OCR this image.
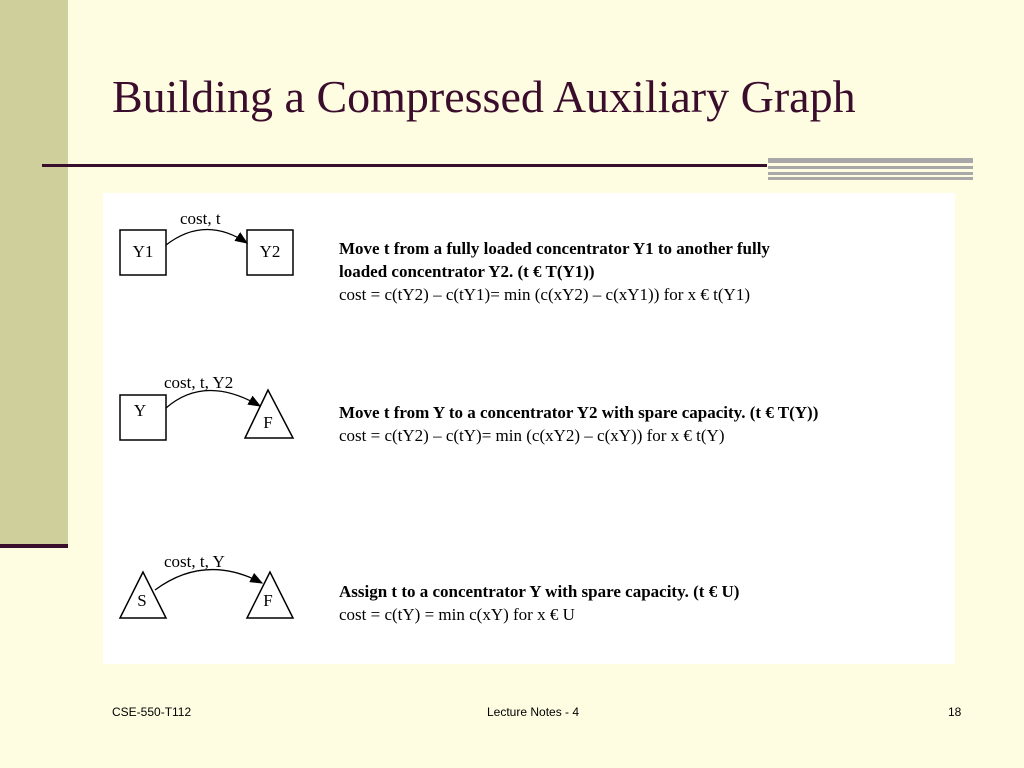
Building a Compressed Auxiliary Graph
Y1	Y2
cost, t
Y
F
cost, t, Y2
S	F
cost, t, Y

Move t from a fully loaded concentrator Y1 to another fully
loaded concentrator Y2. (t € T(Y1))
cost = c(tY2) – c(tY1)= min (c(xY2) – c(xY1)) for x € t(Y1)

Move t from Y to a concentrator Y2 with spare capacity. (t € T(Y))
cost = c(tY2) – c(tY)= min (c(xY2) – c(xY)) for x € t(Y)

Assign t to a concentrator Y with spare capacity. (t € U)
cost = c(tY) = min c(xY) for x € U

CSE-550-T112	Lecture Notes - 4	18
